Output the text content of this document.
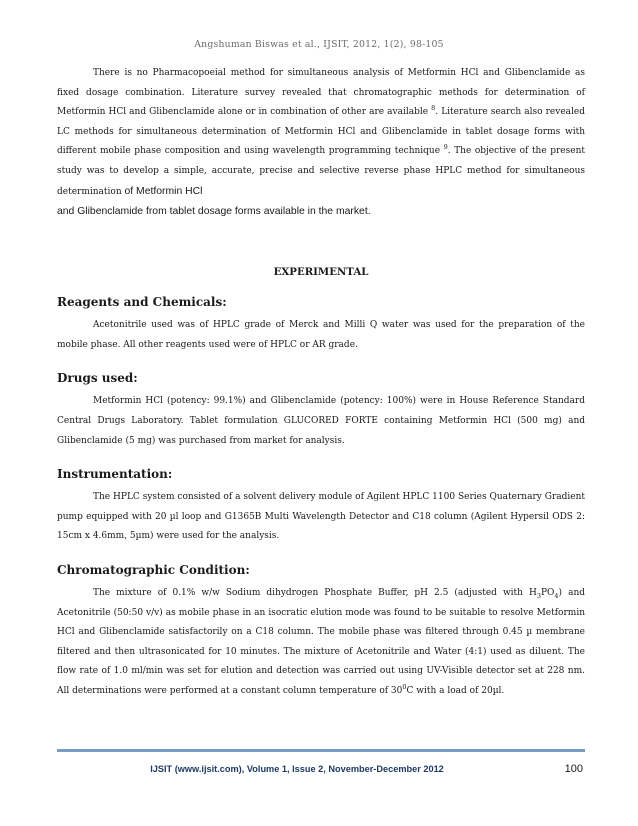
Angshuman Biswas et al., IJSIT, 2012, 1(2), 98-105

There is no Pharmacopoeial method for simultaneous analysis of Metformin HCl and Glibenclamide as fixed dosage combination. Literature survey revealed that chromatographic methods for determination of Metformin HCl and Glibenclamide alone or in combination of other are available $^8$. Literature search also revealed LC methods for simultaneous determination of Metformin HCl and Glibenclamide in tablet dosage forms with different mobile phase composition and using wavelength programming technique $^9$. The objective of the present study was to develop a simple, accurate, precise and selective reverse phase HPLC method for simultaneous determination of Metformin HCl

and Glibenclamide from tablet dosage forms available in the market.

EXPERIMENTAL
Reagents and Chemicals:

Acetonitrile used was of HPLC grade of Merck and Milli Q water was used for the preparation of the mobile phase. All other reagents used were of HPLC or AR grade.

Drugs used:

Metformin HCl (potency: 99.1%) and Glibenclamide (potency: 100%) were in House Reference Standard Central Drugs Laboratory. Tablet formulation GLUCORED FORTE containing Metformin HCl (500 mg) and Glibenclamide (5 mg) was purchased from market for analysis.

Instrumentation:

The HPLC system consisted of a solvent delivery module of Agilent HPLC 1100 Series Quaternary Gradient pump equipped with 20 µl loop and G1365B Multi Wavelength Detector and C18 column (Agilent Hypersil ODS 2: 15cm x 4.6mm, 5µm) were used for the analysis.

Chromatographic Condition:

The mixture of 0.1% w/w Sodium dihydrogen Phosphate Buffer, pH 2.5 (adjusted with $H_3PO_4$) and Acetonitrile (50:50 v/v) as mobile phase in an isocratic elution mode was found to be suitable to resolve Metformin HCl and Glibenclamide satisfactorily on a C18 column. The mobile phase was filtered through 0.45 µ membrane filtered and then ultrasonicated for 10 minutes. The mixture of Acetonitrile and Water (4:1) used as diluent. The flow rate of 1.0 ml/min was set for elution and detection was carried out using UV-Visible detector set at 228 nm. All determinations were performed at a constant column temperature of $30^0C$ with a load of 20µl.

IJSIT (www.ijsit.com), Volume 1, Issue 2, November-December 2012	100
